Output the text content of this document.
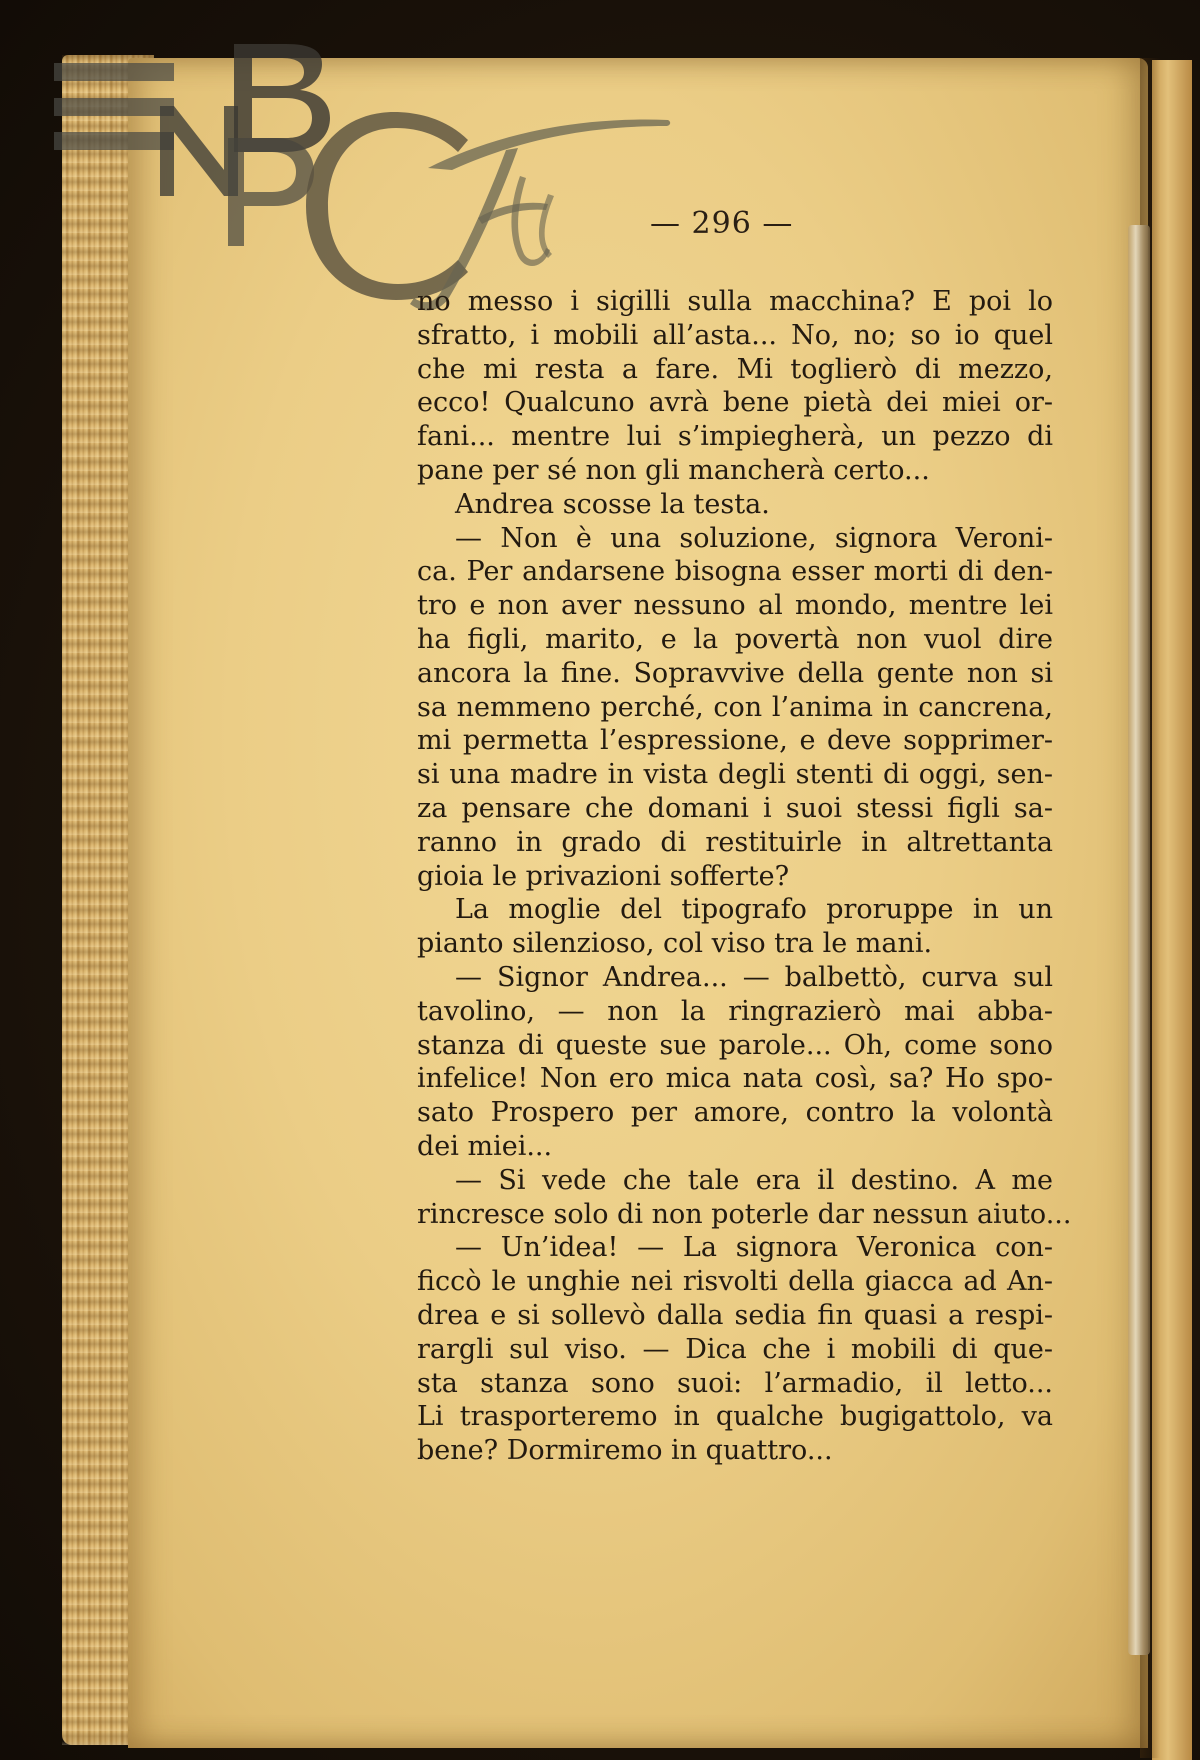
— 296 —
no messo i sigilli sulla macchina? E poi lo
sfratto, i mobili all’asta... No, no; so io quel
che mi resta a fare. Mi toglierò di mezzo,
ecco! Qualcuno avrà bene pietà dei miei or-
fani... mentre lui s’impiegherà, un pezzo di
pane per sé non gli mancherà certo...
Andrea scosse la testa.
— Non è una soluzione, signora Veroni-
ca. Per andarsene bisogna esser morti di den-
tro e non aver nessuno al mondo, mentre lei
ha figli, marito, e la povertà non vuol dire
ancora la fine. Sopravvive della gente non si
sa nemmeno perché, con l’anima in cancrena,
mi permetta l’espressione, e deve sopprimer-
si una madre in vista degli stenti di oggi, sen-
za pensare che domani i suoi stessi figli sa-
ranno in grado di restituirle in altrettanta
gioia le privazioni sofferte?
La moglie del tipografo proruppe in un
pianto silenzioso, col viso tra le mani.
— Signor Andrea... — balbettò, curva sul
tavolino, — non la ringrazierò mai abba-
stanza di queste sue parole... Oh, come sono
infelice! Non ero mica nata così, sa? Ho spo-
sato Prospero per amore, contro la volontà
dei miei...
— Si vede che tale era il destino. A me
rincresce solo di non poterle dar nessun aiuto...
— Un’idea! — La signora Veronica con-
ficcò le unghie nei risvolti della giacca ad An-
drea e si sollevò dalla sedia fin quasi a respi-
rargli sul viso. — Dica che i mobili di que-
sta stanza sono suoi: l’armadio, il letto...
Li trasporteremo in qualche bugigattolo, va
bene? Dormiremo in quattro...
